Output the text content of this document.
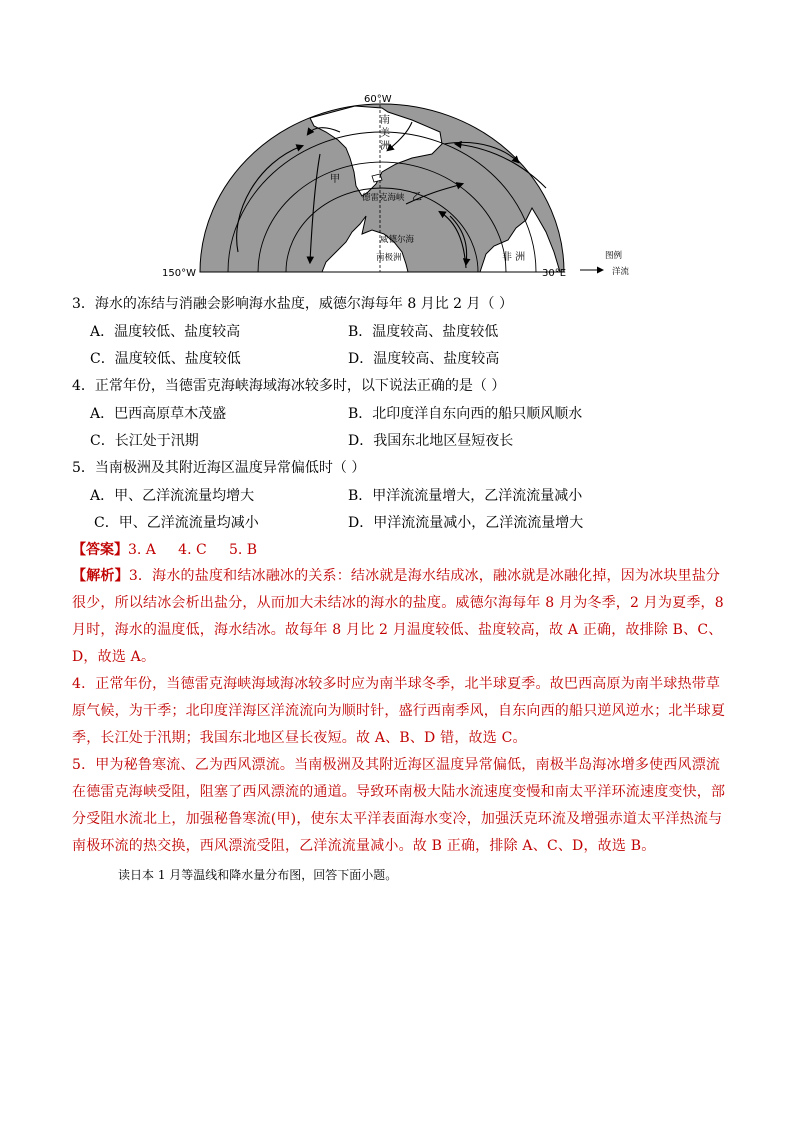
60°W
150°W	30°E
德雷克海峡
威德尔海
南极洲	非 洲
甲
乙
图例
洋流
南美洲
3．海水的冻结与消融会影响海水盐度，威德尔海每年 8 月比 2 月（ ）
A．温度较低、盐度较高	B．温度较高、盐度较低
C．温度较低、盐度较低	D．温度较高、盐度较高
4．正常年份，当德雷克海峡海域海冰较多时，以下说法正确的是（ ）
A．巴西高原草木茂盛	B．北印度洋自东向西的船只顺风顺水
C．长江处于汛期	D．我国东北地区昼短夜长
5．当南极洲及其附近海区温度异常偏低时（ ）
A．甲、乙洋流流量均增大	B．甲洋流流量增大，乙洋流流量减小
C．甲、乙洋流流量均减小	D．甲洋流流量减小，乙洋流流量增大
【答案】3. A     4. C     5. B
【解析】3．海水的盐度和结冰融冰的关系：结冰就是海水结成冰，融冰就是冰融化掉，因为冰块里盐分很少，所以结冰会析出盐分，从而加大未结冰的海水的盐度。威德尔海每年 8 月为冬季，2 月为夏季，8 月时，海水的温度低，海水结冰。故每年 8 月比 2 月温度较低、盐度较高，故 A 正确，故排除 B、C、D，故选 A。
4．正常年份，当德雷克海峡海域海冰较多时应为南半球冬季，北半球夏季。故巴西高原为南半球热带草原气候，为干季；北印度洋海区洋流流向为顺时针，盛行西南季风，自东向西的船只逆风逆水；北半球夏季，长江处于汛期；我国东北地区昼长夜短。故 A、B、D 错，故选 C。
5．甲为秘鲁寒流、乙为西风漂流。当南极洲及其附近海区温度异常偏低，南极半岛海冰增多使西风漂流在德雷克海峡受阻，阻塞了西风漂流的通道。导致环南极大陆水流速度变慢和南太平洋环流速度变快，部分受阻水流北上，加强秘鲁寒流(甲)，使东太平洋表面海水变冷，加强沃克环流及增强赤道太平洋热流与南极环流的热交换，西风漂流受阻，乙洋流流量减小。故 B 正确，排除 A、C、D，故选 B。
读日本 1 月等温线和降水量分布图，回答下面小题。
